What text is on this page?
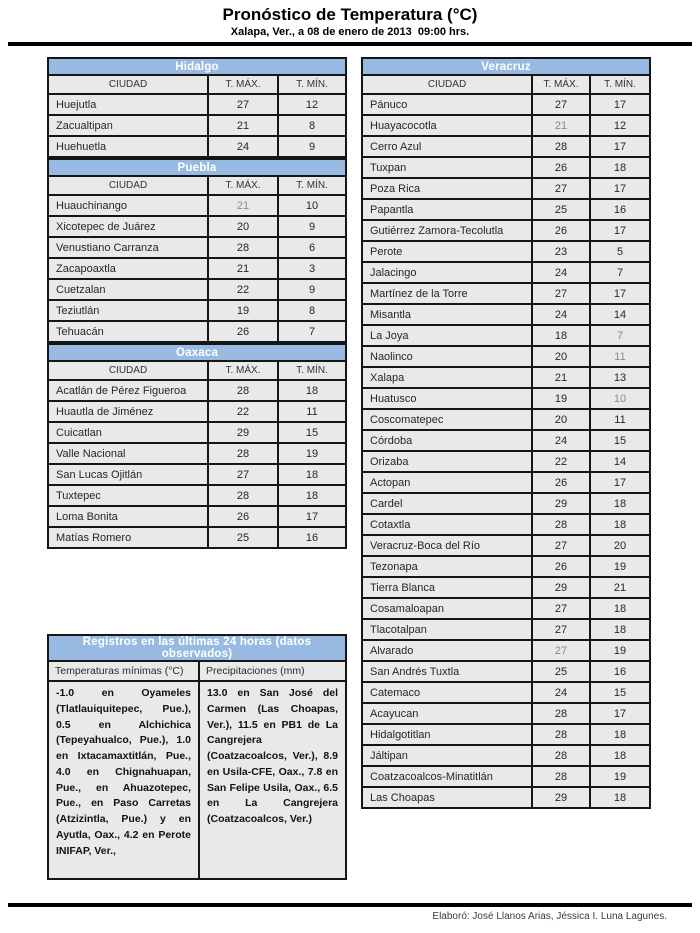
Pronóstico de Temperatura (°C)
Xalapa, Ver., a 08 de enero de 2013  09:00 hrs.
Hidalgo		
CIUDAD	T. MÁX.	T. MÍN.
Huejutla	27	12
Zacualtipan	21	8
Huehuetla	24	9
Puebla		
CIUDAD	T. MÁX.	T. MÍN.
Huauchinango	21	10
Xicotepec de Juárez	20	9
Venustiano Carranza	28	6
Zacapoaxtla	21	3
Cuetzalan	22	9
Teziutlán	19	8
Tehuacán	26	7
Oaxaca		
CIUDAD	T. MÁX.	T. MÍN.
Acatlán de Pérez Figueroa	28	18
Huautla de Jiménez	22	11
Cuicatlan	29	15
Valle Nacional	28	19
San Lucas Ojitlán	27	18
Tuxtepec	28	18
Loma Bonita	26	17
Matías Romero	25	16
Veracruz		
CIUDAD	T. MÁX.	T. MÍN.
Pánuco	27	17
Huayacocotla	21	12
Cerro Azul	28	17
Tuxpan	26	18
Poza Rica	27	17
Papantla	25	16
Gutiérrez Zamora-Tecolutla	26	17
Perote	23	5
Jalacingo	24	7
Martínez de la Torre	27	17
Misantla	24	14
La Joya	18	7
Naolinco	20	11
Xalapa	21	13
Huatusco	19	10
Coscomatepec	20	11
Córdoba	24	15
Orizaba	22	14
Actopan	26	17
Cardel	29	18
Cotaxtla	28	18
Veracruz-Boca del Río	27	20
Tezonapa	26	19
Tierra Blanca	29	21
Cosamaloapan	27	18
Tlacotalpan	27	18
Alvarado	27	19
San Andrés Tuxtla	25	16
Catemaco	24	15
Acayucan	28	17
Hidalgotitlan	28	18
Jáltipan	28	18
Coatzacoalcos-Minatitlán	28	19
Las Choapas	29	18
Registros en las últimas 24 horas (datos observados)	
Temperaturas mínimas (°C)	Precipitaciones (mm)
-1.0 en Oyameles (Tlatlauiquitepec, Pue.), 0.5 en Alchichica (Tepeyahualco, Pue.), 1.0 en Ixtacamaxtitlán, Pue., 4.0 en Chignahuapan, Pue., en Ahuazotepec, Pue., en Paso Carretas (Atzizintla, Pue.) y en Ayutla, Oax., 4.2 en Perote INIFAP, Ver.,	13.0 en San José del Carmen (Las Choapas, Ver.), 11.5 en PB1 de La Cangrejera (Coatzacoalcos, Ver.), 8.9 en Usila-CFE, Oax., 7.8 en San Felipe Usila, Oax., 6.5 en La Cangrejera (Coatzacoalcos, Ver.)
Elaboró: José Llanos Arias, Jéssica I. Luna Lagunes.
